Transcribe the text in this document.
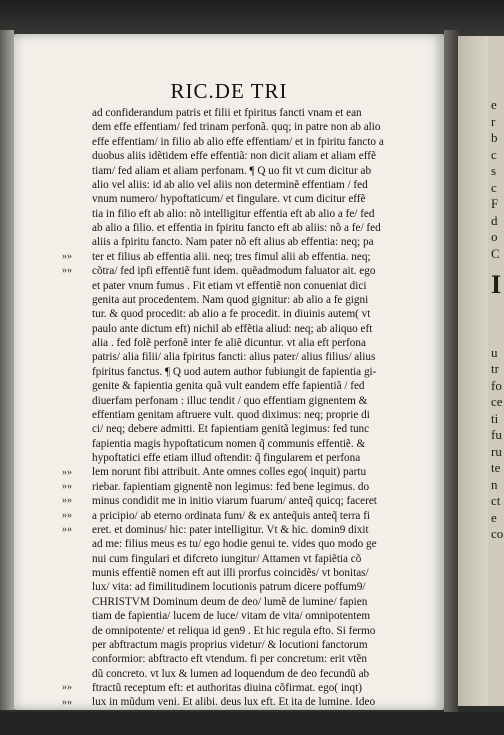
RIC.DE TRI
ad confiderandum patris et filii et fpiritus fancti vnam et ean
dem effe effentiam/ fed trinam perfonã. quq; in patre non ab alio
effe effentiam/ in filio ab alio effe effentiam/ et in fpiritu fancto a
duobus aliis idẽtidem effe effentiã: non dicit aliam et aliam effẽ
tiam/ fed aliam et aliam perfonam. ¶ Q uo fit vt cum dicitur ab
alio vel aliis: id ab alio vel aliis non determinẽ effentiam / fed
vnum numero/ hypoftaticum/ et fingulare. vt cum dicitur effẽ
tia in filio eft ab alio: nõ intelligitur effentia eft ab alio a fe/ fed
ab alio a filio. et effentia in fpiritu fancto eft ab aliis: nõ a fe/ fed
aliis a fpiritu fancto. Nam pater nõ eft alius ab effentia: neq; pa
ter et filius ab effentia alii. neq; tres fimul alii ab effentia. neq;
»»
cõtra/ fed ipfi effentiẽ funt idem. quẽadmodum faluator ait. ego
»»
et pater vnum fumus . Fit etiam vt effentiẽ non conueniat dici
genita aut procedentem. Nam quod gignitur: ab alio a fe gigni
tur. & quod procedit: ab alio a fe procedit. in diuinis autem( vt
paulo ante dictum eft) nichil ab effẽtia aliud: neq; ab aliquo eft
alia . fed folẽ perfonẽ inter fe aliẽ dicuntur. vt alia eft perfona
patris/ alia filii/ alia fpiritus fancti: alius pater/ alius filius/ alius
fpiritus fanctus. ¶ Q uod autem author fubiungit de fapientia gi-
genite & fapientia genita quã vult eandem effe fapientiã / fed
diuerfam perfonam : illuc tendit / quo effentiam gignentem &
effentiam genitam aftruere vult. quod diximus: neq; proprie di
ci/ neq; debere admitti. Et fapientiam genitã legimus: fed tunc
fapientia magis hypoftaticum nomen q̃ communis effentiẽ. &
hypoftatici effe etiam illud oftendit: q̃ fingularem et perfona
lem norunt fibi attribuit. Ante omnes colles ego( inquit) partu
»»
riebar. fapientiam gignentẽ non legimus: fed bene legimus. do
»»
minus condidit me in initio viarum fuarum/ anteq̃ quicq; faceret
»»
a pricipio/ ab eterno ordinata fum/ & ex anteq̃uis anteq̃ terra fi
»»
eret. et dominus/ hic: pater intelligitur. Vt & hic. domin9 dixit
»»
ad me: filius meus es tu/ ego hodie genui te. vides quo modo ge
nui cum fingulari et difcreto iungitur/ Attamen vt fapiẽtia cõ
munis effentiẽ nomen eft aut illi prorfus coincidẽs/ vt bonitas/
lux/ vita: ad fimilitudinem locutionis patrum dicere poffum9/
CHRISTVM Dominum deum de deo/ lumẽ de lumine/ fapien
tiam de fapientia/ lucem de luce/ vitam de vita/ omnipotentem
de omnipotente/ et reliqua id gen9 . Et hic regula efto. Si fermo
per abftractum magis proprius videtur/ & locutioni fanctorum
conformior: abftracto eft vtendum. fi per concretum: erit vtẽn
dũ concreto. vt lux & lumen ad loquendum de deo fecundũ ab
ftractũ receptum eft: et authoritas diuina cõfirmat. ego( inqt)
»»
lux in mũdum veni. Et alibi. deus lux eft. Et ita de lumine. Ideo
»»
e
r
b
c
s
c
F
d
o
C
u
tr
fo
ce
ti
fu
ru
te
n
ct
e
co
I
